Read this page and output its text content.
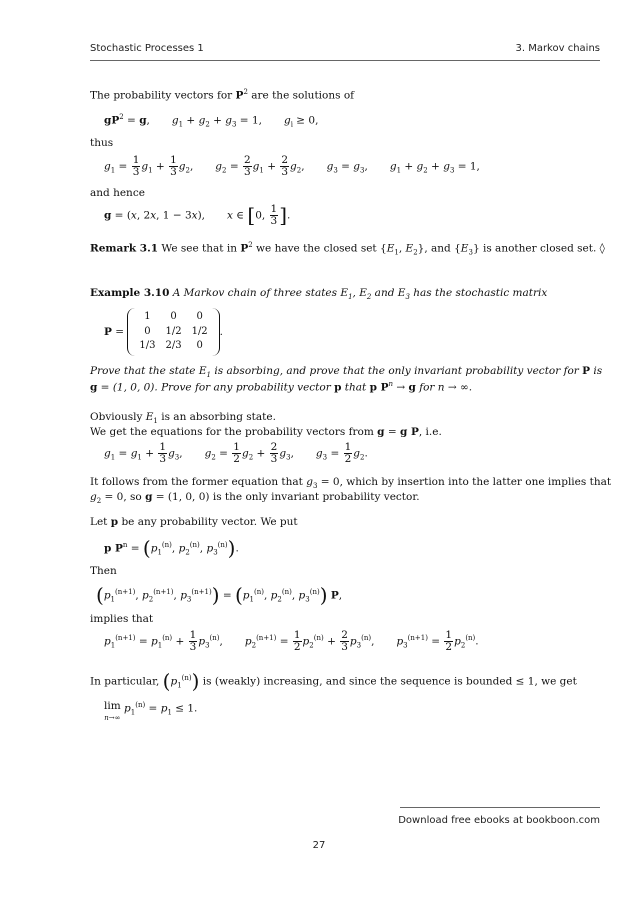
Stochastic Processes 1	3. Markov chains
The probability vectors for $P^2$ are the solutions of
$gP^2 = g$, $g_1 + g_2 + g_3 = 1$, $g_i \ge 0$,
thus
$g_1 = \frac{1}{3} g_1 + \frac{1}{3} g_2$, $g_2 = \frac{2}{3} g_1 + \frac{2}{3} g_2$, $g_3 = g_3$, $g_1 + g_2 + g_3 = 1$,
and hence
g = (x, 2x, 1 − 3x), x ∈ [0, $\frac{1}{3}$ ].
Remark 3.1 We see that in $P^2$ we have the closed set {$E_1$, $E_2$}, and $\{E_3\}$ is another closed set. ◊
Example 3.10 A Markov chain of three states $E_1$, $E_2$ and $E_3$ has the stochastic matrix
P =
1	0	0
0	1/2	1/2
1/3	2/3	0
.
Prove that the state $E_1$ is absorbing, and prove that the only invariant probability vector for P is
g = (1, 0, 0). Prove for any probability vector p that p $P^n \to g$ for n → ∞.
Obviously $E_1$ is an absorbing state.
We get the equations for the probability vectors from g = g P, i.e.
$g_1 = g_1 + \frac{1}{3} g_3$, $g_2 = \frac{1}{2} g_2 + \frac{2}{3} g_3$, $g_3 = \frac{1}{2} g_2$.
It follows from the former equation that $g_3 = 0$, which by insertion into the latter one implies that
$g_2 = 0$, so g = (1, 0, 0) is the only invariant probability vector.
Let p be any probability vector. We put
p $P^n = (p_1^{(n)}$, $p_2^{(n)}$, $p_3^{(n)}$).
Then
($p_1^{(n+1)}$, $p_2^{(n+1)}$, $p_3^{(n+1)}) = (p_1^{(n)}$, $p_2^{(n)}$, $p_3^{(n)}$) P,
implies that
$p_1^{(n+1)} = p_1^{(n)} + \frac{1}{3} p_3^{(n)}$, $p_2^{(n+1)} = \frac{1}{2} p_2^{(n)} + \frac{2}{3} p_3^{(n)}$, $p_3^{(n+1)} = \frac{1}{2} p_2^{(n)}$.
In particular, $(p_1^{(n)})$ is (weakly) increasing, and since the sequence is bounded ≤ 1, we get
lim
n→∞ $p_1^{(n)} = p_1 \le 1$.
Download free ebooks at bookboon.com
27
